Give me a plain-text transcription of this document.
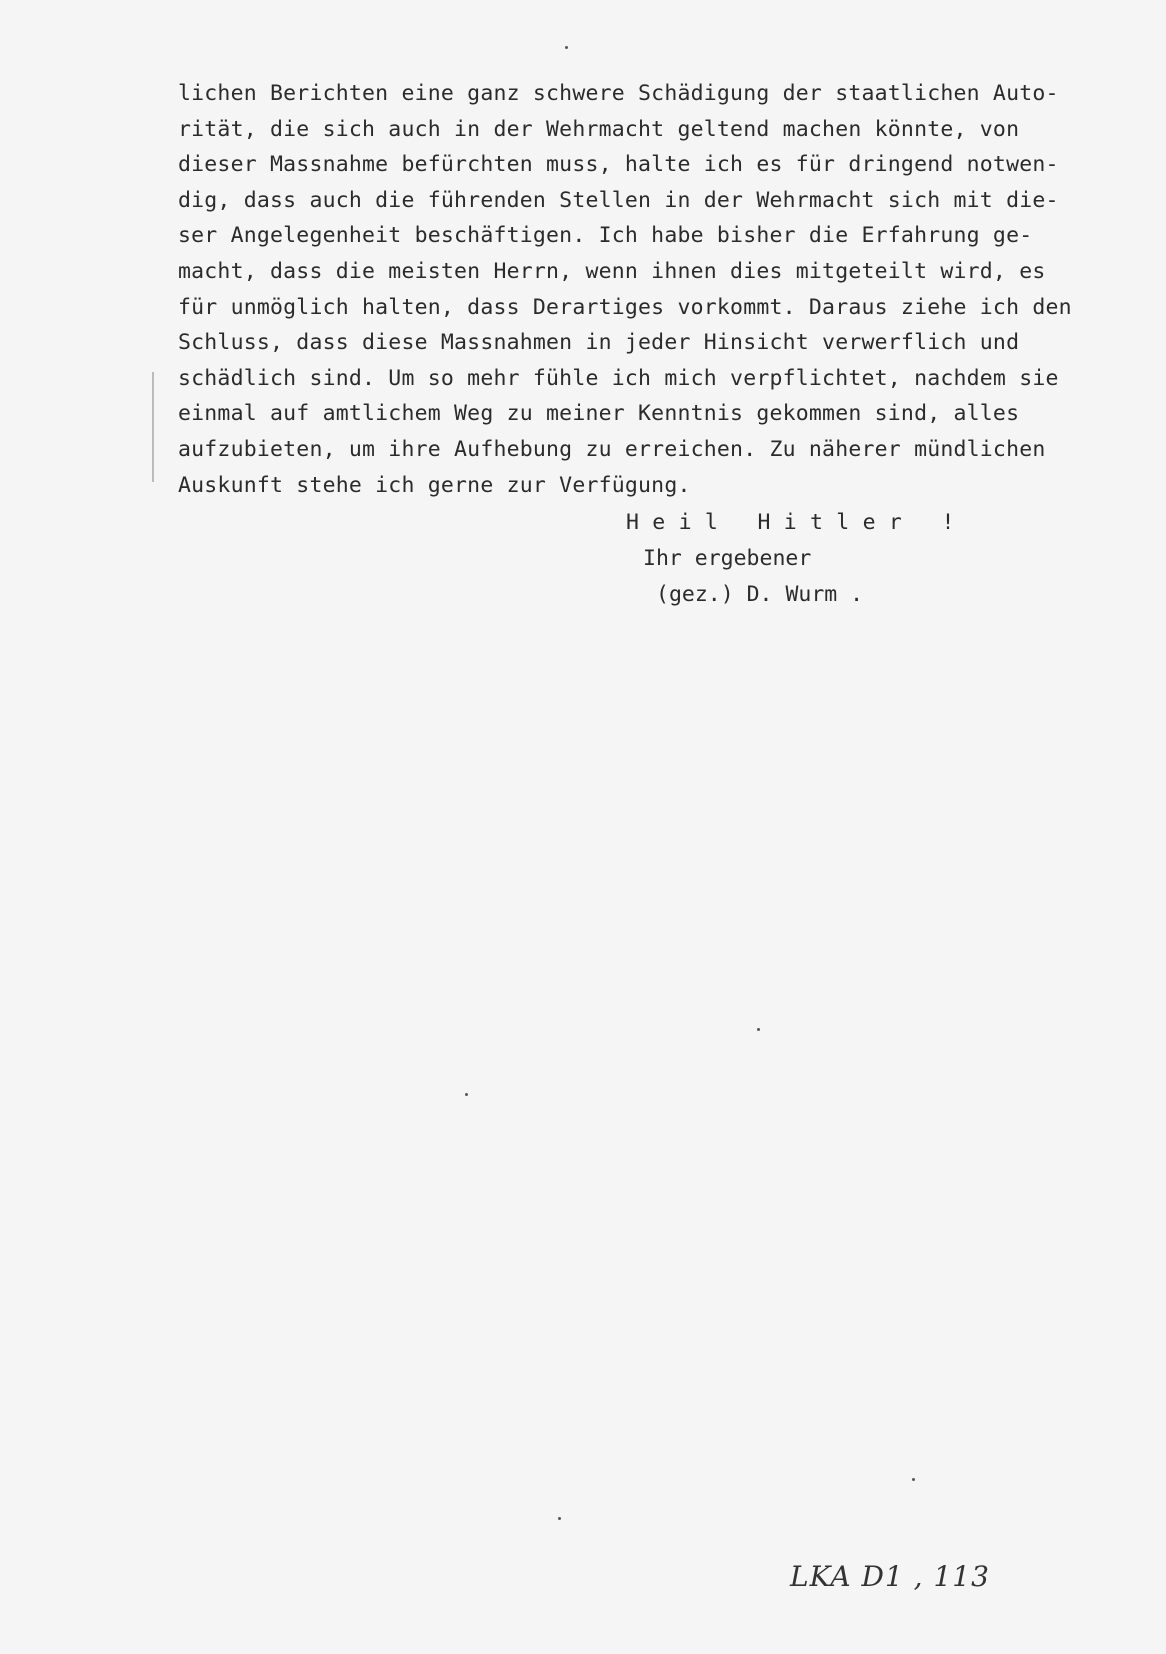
lichen Berichten eine ganz schwere Schädigung der staatlichen Auto-
rität, die sich auch in der Wehrmacht geltend machen könnte, von
dieser Massnahme befürchten muss, halte ich es für dringend notwen-
dig, dass auch die führenden Stellen in der Wehrmacht sich mit die-
ser Angelegenheit beschäftigen. Ich habe bisher die Erfahrung ge-
macht, dass die meisten Herrn, wenn ihnen dies mitgeteilt wird, es
für unmöglich halten, dass Derartiges vorkommt. Daraus ziehe ich den
Schluss, dass diese Massnahmen in jeder Hinsicht verwerflich und
schädlich sind. Um so mehr fühle ich mich verpflichtet, nachdem sie
einmal auf amtlichem Weg zu meiner Kenntnis gekommen sind, alles
aufzubieten, um ihre Aufhebung zu erreichen. Zu näherer mündlichen
Auskunft stehe ich gerne zur Verfügung.
H e i l   H i t l e r   !
Ihr ergebener
(gez.) D. Wurm .
LKA D1 , 113
